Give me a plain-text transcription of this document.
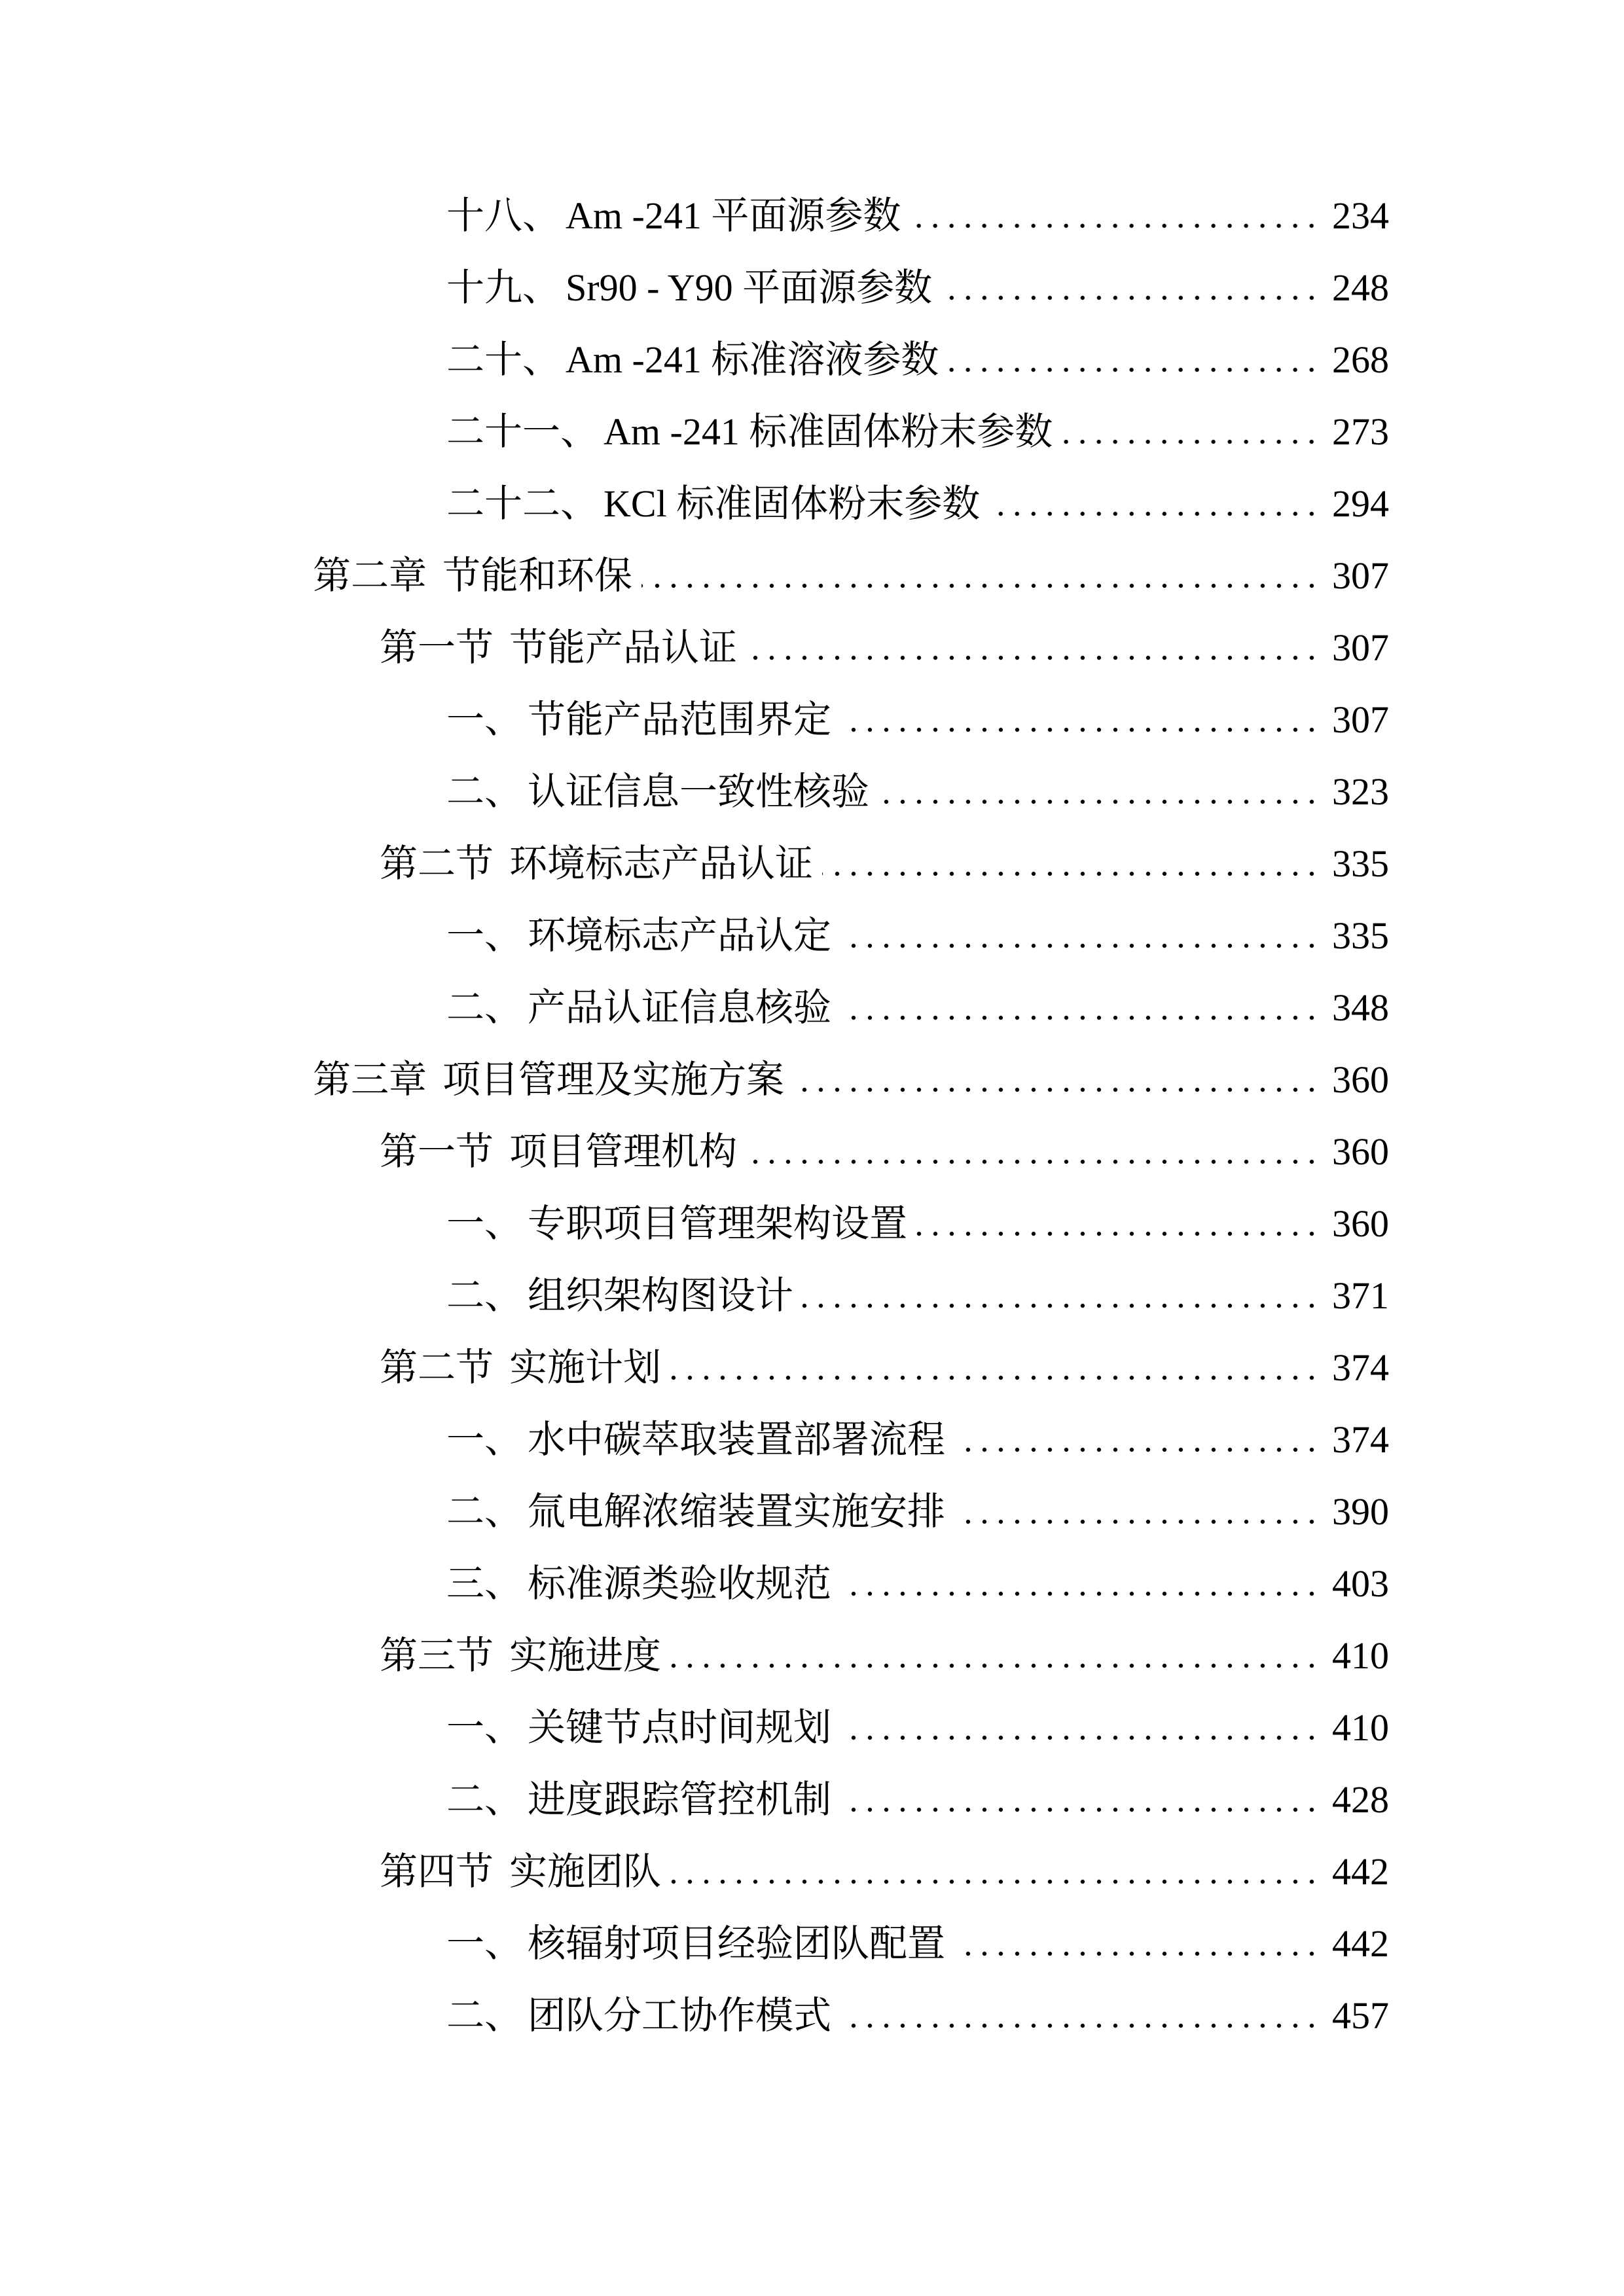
十八、 Am -241 平面源参数	234
十九、 Sr90 - Y90 平面源参数	248
二十、 Am -241 标准溶液参数	268
二十一、 Am -241 标准固体粉末参数	273
二十二、 KCl 标准固体粉末参数	294
第二章 节能和环保	307
第一节 节能产品认证	307
一、 节能产品范围界定	307
二、 认证信息一致性核验	323
第二节 环境标志产品认证	335
一、 环境标志产品认定	335
二、 产品认证信息核验	348
第三章 项目管理及实施方案	360
第一节 项目管理机构	360
一、 专职项目管理架构设置	360
二、 组织架构图设计	371
第二节 实施计划	374
一、 水中碳萃取装置部署流程	374
二、 氚电解浓缩装置实施安排	390
三、 标准源类验收规范	403
第三节 实施进度	410
一、 关键节点时间规划	410
二、 进度跟踪管控机制	428
第四节 实施团队	442
一、 核辐射项目经验团队配置	442
二、 团队分工协作模式	457
